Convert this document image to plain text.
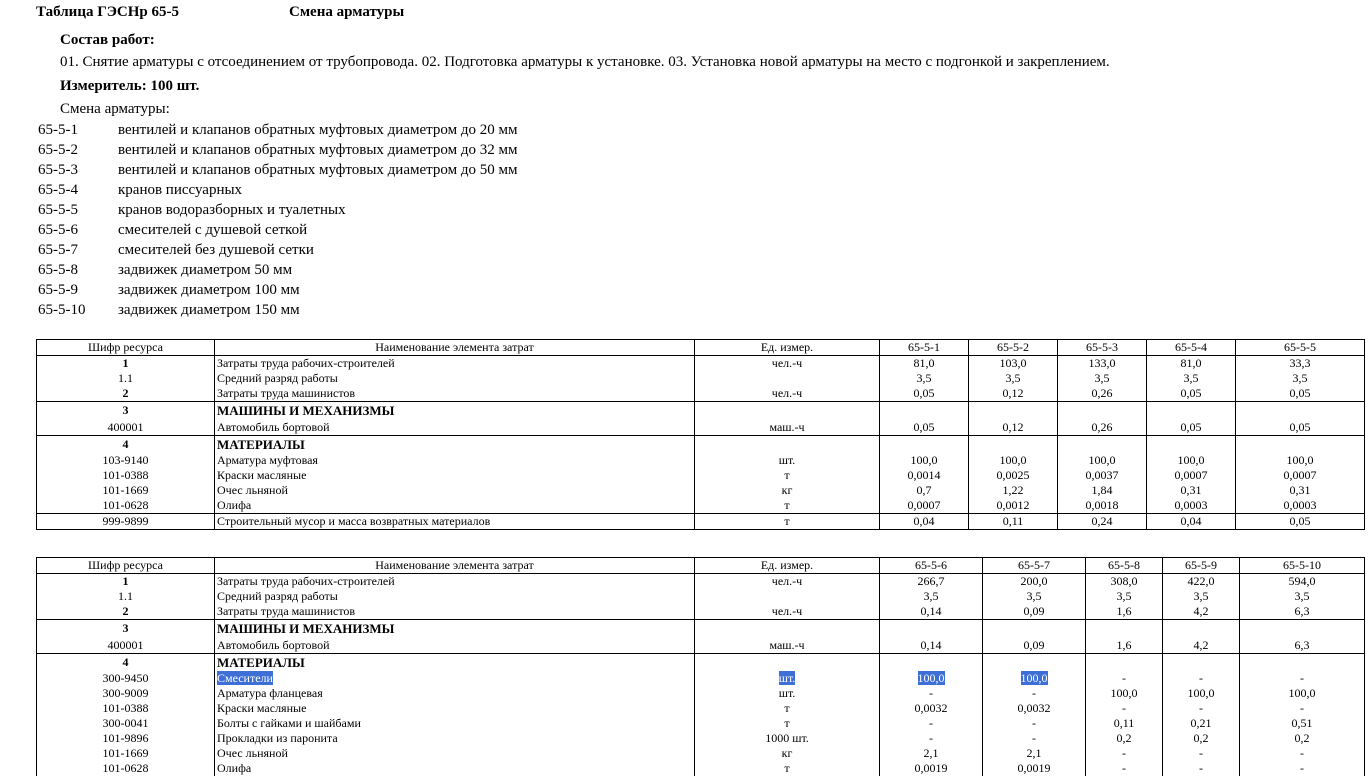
Таблица ГЭСНр 65-5	Смена арматуры
Состав работ:
01. Снятие арматуры с отсоединением от трубопровода. 02. Подготовка арматуры к установке. 03. Установка новой арматуры на место с подгонкой и закреплением.
Измеритель: 100 шт.
Смена арматуры:
65-5-1	вентилей и клапанов обратных муфтовых диаметром до 20 мм
65-5-2	вентилей и клапанов обратных муфтовых диаметром до 32 мм
65-5-3	вентилей и клапанов обратных муфтовых диаметром до 50 мм
65-5-4	кранов писсуарных
65-5-5	кранов водоразборных и туалетных
65-5-6	смесителей с душевой сеткой
65-5-7	смесителей без душевой сетки
65-5-8	задвижек диаметром 50 мм
65-5-9	задвижек диаметром 100 мм
65-5-10 задвижек диаметром 150 мм
Шифр ресурса	Наименование элемента затрат	Ед. измер.	65-5-1	65-5-2	65-5-3	65-5-4	65-5-5
1	Затраты труда рабочих-строителей	чел.-ч	81,0	103,0	133,0	81,0	33,3
1.1	Средний разряд работы		3,5	3,5	3,5	3,5	3,5
2	Затраты труда машинистов	чел.-ч	0,05	0,12	0,26	0,05	0,05
3	МАШИНЫ И МЕХАНИЗМЫ						
400001	Автомобиль бортовой	маш.-ч	0,05	0,12	0,26	0,05	0,05
4	МАТЕРИАЛЫ						
103-9140	Арматура муфтовая	шт.	100,0	100,0	100,0	100,0	100,0
101-0388	Краски масляные	т	0,0014	0,0025	0,0037	0,0007	0,0007
101-1669	Очес льняной	кг	0,7	1,22	1,84	0,31	0,31
101-0628	Олифа	т	0,0007	0,0012	0,0018	0,0003	0,0003
999-9899	Строительный мусор и масса возвратных материалов	т	0,04	0,11	0,24	0,04	0,05
Шифр ресурса	Наименование элемента затрат	Ед. измер.	65-5-6	65-5-7	65-5-8	65-5-9	65-5-10
1	Затраты труда рабочих-строителей	чел.-ч	266,7	200,0	308,0	422,0	594,0
1.1	Средний разряд работы		3,5	3,5	3,5	3,5	3,5
2	Затраты труда машинистов	чел.-ч	0,14	0,09	1,6	4,2	6,3
3	МАШИНЫ И МЕХАНИЗМЫ						
400001	Автомобиль бортовой	маш.-ч	0,14	0,09	1,6	4,2	6,3
4	МАТЕРИАЛЫ						
300-9450	Смесители	шт.	100,0	100,0	-	-	-
300-9009	Арматура фланцевая	шт.	-	-	100,0	100,0	100,0
101-0388	Краски масляные	т	0,0032	0,0032	-	-	-
300-0041	Болты с гайками и шайбами	т	-	-	0,11	0,21	0,51
101-9896	Прокладки из паронита	1000 шт.	-	-	0,2	0,2	0,2
101-1669	Очес льняной	кг	2,1	2,1	-	-	-
101-0628	Олифа	т	0,0019	0,0019	-	-	-
